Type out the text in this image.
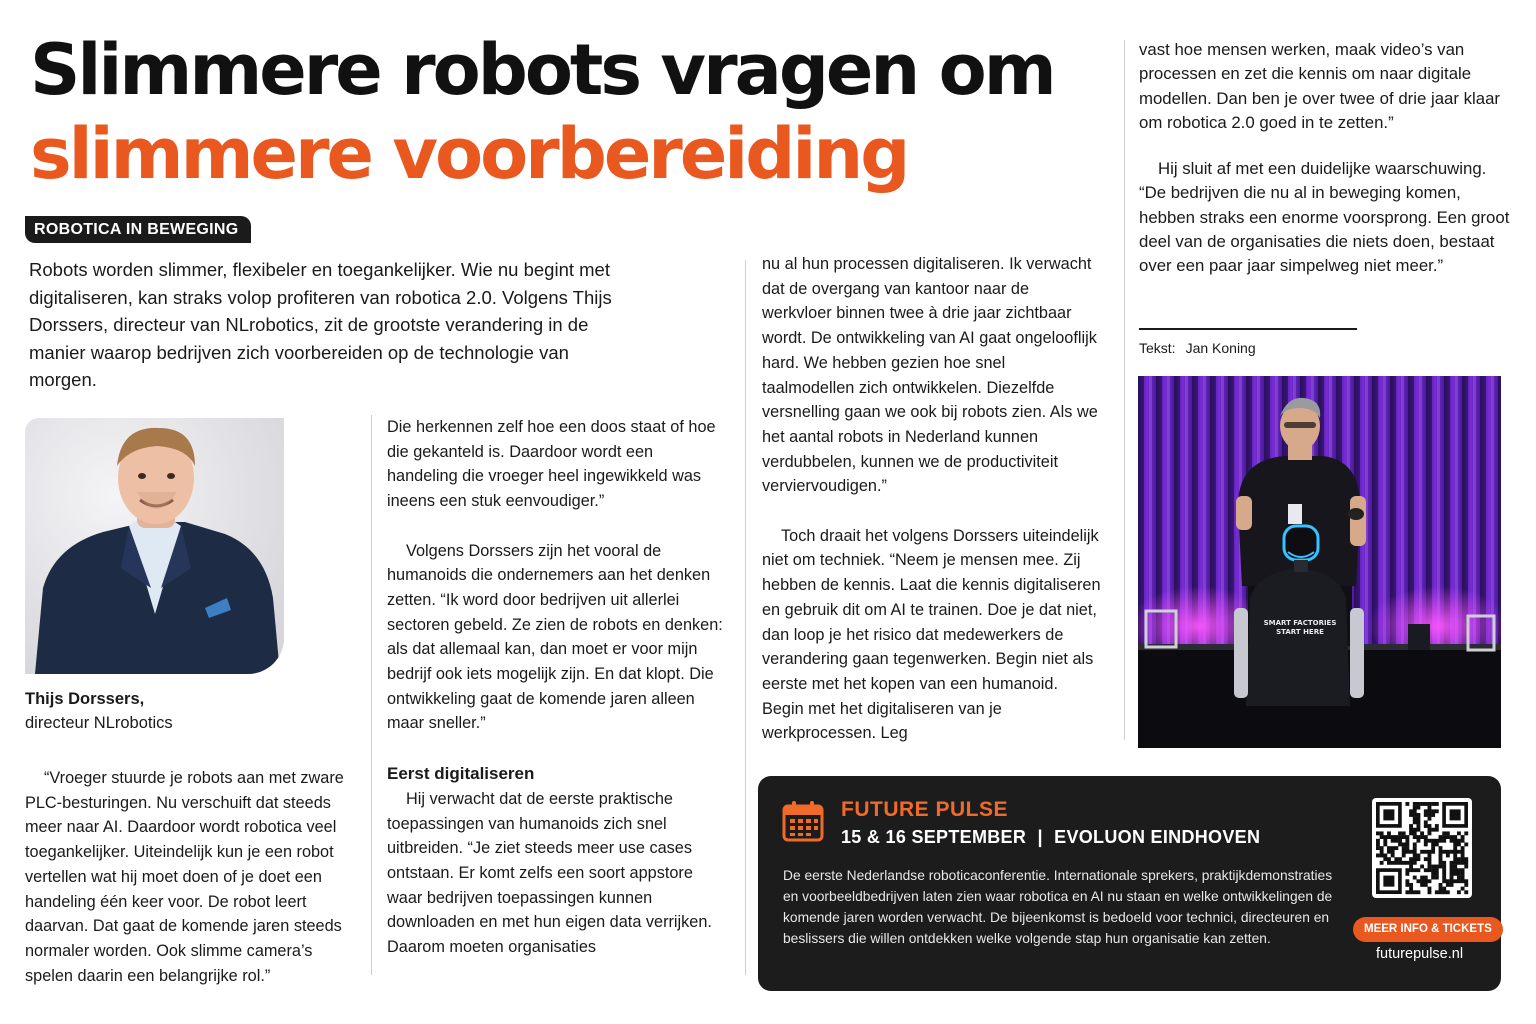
Slimmere robots vragen om
slimmere voorbereiding
ROBOTICA IN BEWEGING

Robots worden slimmer, flexibeler en toegankelijker. Wie nu begint met digitaliseren, kan straks volop profiteren van robotica 2.0. Volgens Thijs Dorssers, directeur van NLrobotics, zit de grootste verandering in de manier waarop bedrijven zich voorbereiden op de technologie van morgen.

Thijs Dorssers,
directeur NLrobotics

“Vroeger stuurde je robots aan met zware PLC-besturingen. Nu verschuift dat steeds meer naar AI. Daardoor wordt robotica veel toegankelijker. Uiteindelijk kun je een robot vertellen wat hij moet doen of je doet een handeling één keer voor. De robot leert daarvan. Dat gaat de komende jaren steeds normaler worden. Ook slimme camera’s spelen daarin een belangrijke rol.”

Die herkennen zelf hoe een doos staat of hoe die gekanteld is. Daardoor wordt een handeling die vroeger heel ingewikkeld was ineens een stuk eenvoudiger.”

Volgens Dorssers zijn het vooral de humanoids die ondernemers aan het denken zetten. “Ik word door bedrijven uit allerlei sectoren gebeld. Ze zien de robots en denken: als dat allemaal kan, dan moet er voor mijn bedrijf ook iets mogelijk zijn. En dat klopt. Die ontwikkeling gaat de komende jaren alleen maar sneller.”

Eerst digitaliseren

Hij verwacht dat de eerste praktische toepassingen van humanoids zich snel uitbreiden. “Je ziet steeds meer use cases ontstaan. Er komt zelfs een soort appstore waar bedrijven toepassingen kunnen downloaden en met hun eigen data verrijken. Daarom moeten organisaties

nu al hun processen digitaliseren. Ik verwacht dat de overgang van kantoor naar de werkvloer binnen twee à drie jaar zichtbaar wordt. De ontwikkeling van AI gaat ongelooflijk hard. We hebben gezien hoe snel taalmodellen zich ontwikkelen. Diezelfde versnelling gaan we ook bij robots zien. Als we het aantal robots in Nederland kunnen verdubbelen, kunnen we de productiviteit verviervoudigen.”

Toch draait het volgens Dorssers uiteindelijk niet om techniek. “Neem je mensen mee. Zij hebben de kennis. Laat die kennis digitaliseren en gebruik dit om AI te trainen. Doe je dat niet, dan loop je het risico dat medewerkers de verandering gaan tegenwerken. Begin niet als eerste met het kopen van een humanoid. Begin met het digitaliseren van je werkprocessen. Leg

vast hoe mensen werken, maak video’s van processen en zet die kennis om naar digitale modellen. Dan ben je over twee of drie jaar klaar om robotica 2.0 goed in te zetten.”

Hij sluit af met een duidelijke waarschuwing. “De bedrijven die nu al in beweging komen, hebben straks een enorme voorsprong. Een groot deel van de organisaties die niets doen, bestaat over een paar jaar simpelweg niet meer.”

Tekst: Jan Koning
SMART FACTORIES
START HERE
FUTURE PULSE
15 & 16 SEPTEMBER | EVOLUON EINDHOVEN

De eerste Nederlandse roboticaconferentie. Internationale sprekers, praktijkdemonstraties en voorbeeldbedrijven laten zien waar robotica en AI nu staan en welke ontwikkelingen de komende jaren worden verwacht. De bijeenkomst is bedoeld voor technici, directeuren en beslissers die willen ontdekken welke volgende stap hun organisatie kan zetten.

MEER INFO & TICKETS
futurepulse.nl
